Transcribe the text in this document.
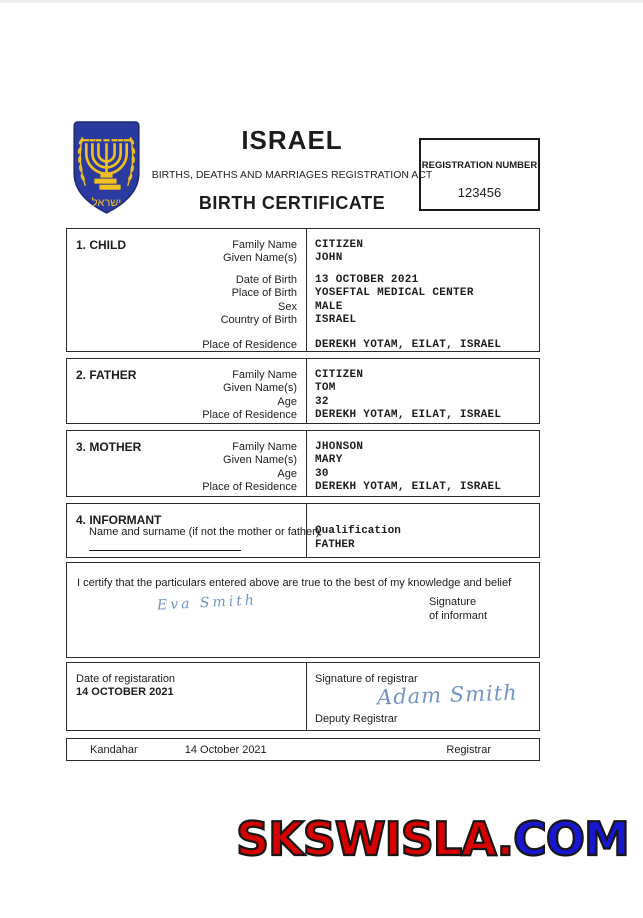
ישראל
ISRAEL
BIRTHS, DEATHS AND MARRIAGES REGISTRATION ACT
BIRTH CERTIFICATE
REGISTRATION NUMBER
123456
1. CHILD	Family Name	CITIZEN
Given Name(s)	JOHN
Date of Birth	13 OCTOBER 2021
Place of Birth	YOSEFTAL MEDICAL CENTER
Sex	MALE
Country of Birth	ISRAEL
Place of Residence	DEREKH YOTAM, EILAT, ISRAEL
2. FATHER	Family Name	CITIZEN
Given Name(s)	TOM
Age	32
Place of Residence	DEREKH YOTAM, EILAT, ISRAEL
3. MOTHER	Family Name	JHONSON
Given Name(s)	MARY
Age	30
Place of Residence	DEREKH YOTAM, EILAT, ISRAEL
4. INFORMANT
Name and surname (if not the mother or father)
Qualification
FATHER
I certify that the particulars entered above are true to the best of my knowledge and belief
Eva Smith	Signature
of informant
Date of registaration
14 OCTOBER 2021
Signature of registrar
Adam Smith
Deputy Registrar
Kandahar	14 October 2021	Registrar
SKSWISLA.COM
